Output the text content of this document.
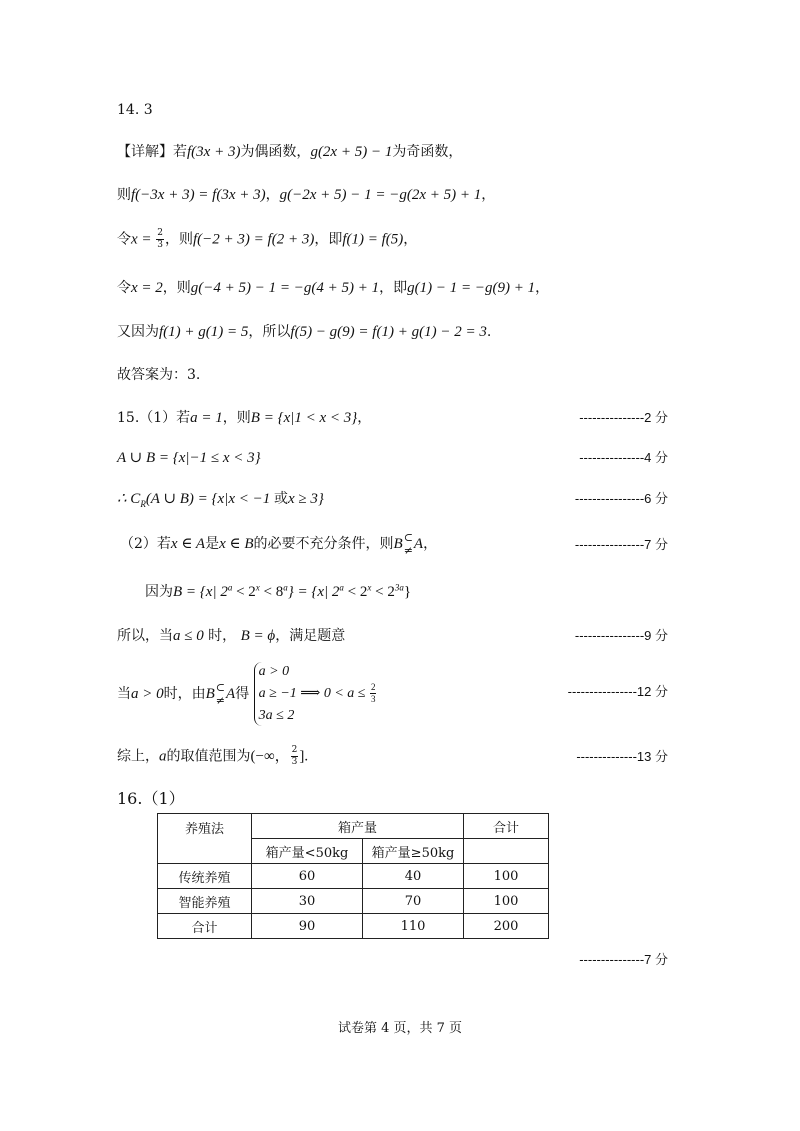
14. 3
【详解】若f(3x + 3)为偶函数，g(2x + 5) − 1为奇函数，
则f(−3x + 3) = f(3x + 3)，g(−2x + 5) − 1 = −g(2x + 5) + 1，
令$x = \frac{2}{3}$ ，则f(−2 + 3) = f(2 + 3)，即f(1) = f(5)，
令x = 2，则g(−4 + 5) − 1 = −g(4 + 5) + 1，即g(1) − 1 = −g(9) + 1，
又因为f(1) + g(1) = 5，所以f(5) − g(9) = f(1) + g(1) − 2 = 3.
故答案为：3.
15.（1）若a = 1，则B = {x|1 < x < 3}，	---------------2 分
A ∪ B = {x|−1 ≤ x < 3}	---------------4 分
∴ $C_R(A$ ∪ B) = {x|x < −1 或x ≥ 3}	----------------6 分
（2）若x ∈ A是x ∈ B的必要不充分条件，则B ⊂
≠ A，	----------------7 分
因为B = {x| $2^a < 2^x < 8^a\} = \{x|$ $2^a < 2^x < 2^{3a}$}
所以，当a ≤ 0 时， B = ϕ，满足题意	----------------9 分
当a > 0时，由B ⊂
≠ A得
a > 0
a ≥ −1 ⟹ $0 < a \le \frac{2}{3}$
3a ≤ 2
----------------12 分
综上，a的取值范围为(−∞， $\frac{2}{3}$ ].	--------------13 分
16.（1）
养殖法	箱产量		合计
	箱产量<50kg	箱产量≥50kg	
传统养殖	60	40	100
智能养殖	30	70	100
合计	90	110	200
---------------7 分
试卷第 4 页，共 7 页
